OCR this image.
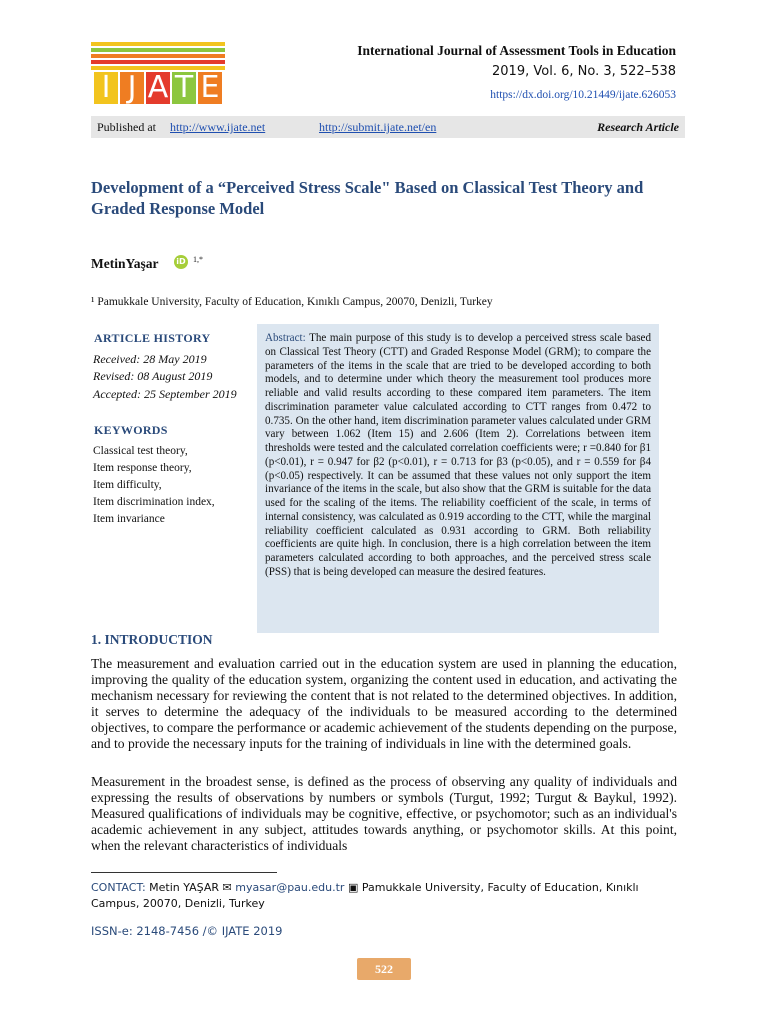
I J A T E
International Journal of Assessment Tools in Education
2019, Vol. 6, No. 3, 522–538
https://dx.doi.org/10.21449/ijate.626053
Published at http://www.ijate.net	http://submit.ijate.net/en	Research Article
Development of a “Perceived Stress Scale" Based on Classical Test Theory and Graded Response Model
MetinYaşar iD 1,*
¹ Pamukkale University, Faculty of Education, Kınıklı Campus, 20070, Denizli, Turkey
ARTICLE HISTORY
Received: 28 May 2019
Revised: 08 August 2019
Accepted: 25 September 2019
KEYWORDS
Classical test theory,
Item response theory,
Item difficulty,
Item discrimination index,
Item invariance
Abstract: The main purpose of this study is to develop a perceived stress scale based on Classical Test Theory (CTT) and Graded Response Model (GRM); to compare the parameters of the items in the scale that are tried to be developed according to both models, and to determine under which theory the measurement tool produces more reliable and valid results according to these compared item parameters. The item discrimination parameter value calculated according to CTT ranges from 0.472 to 0.735. On the other hand, item discrimination parameter values calculated under GRM vary between 1.062 (Item 15) and 2.606 (Item 2). Correlations between item thresholds were tested and the calculated correlation coefficients were; r =0.840 for β1 (p<0.01), r = 0.947 for β2 (p<0.01), r = 0.713 for β3 (p<0.05), and r = 0.559 for β4 (p<0.05) respectively. It can be assumed that these values not only support the item invariance of the items in the scale, but also show that the GRM is suitable for the data used for the scaling of the items. The reliability coefficient of the scale, in terms of internal consistency, was calculated as 0.919 according to the CTT, while the marginal reliability coefficient calculated as 0.931 according to GRM. Both reliability coefficients are quite high. In conclusion, there is a high correlation between the item parameters calculated according to both approaches, and the perceived stress scale (PSS) that is being developed can measure the desired features.
1. INTRODUCTION
The measurement and evaluation carried out in the education system are used in planning the education, improving the quality of the education system, organizing the content used in education, and activating the mechanism necessary for reviewing the content that is not related to the determined objectives. In addition, it serves to determine the adequacy of the individuals to be measured according to the determined objectives, to compare the performance or academic achievement of the students depending on the purpose, and to provide the necessary inputs for the training of individuals in line with the determined goals.
Measurement in the broadest sense, is defined as the process of observing any quality of individuals and expressing the results of observations by numbers or symbols (Turgut, 1992; Turgut & Baykul, 1992). Measured qualifications of individuals may be cognitive, effective, or psychomotor; such as an individual's academic achievement in any subject, attitudes towards anything, or psychomotor skills. At this point, when the relevant characteristics of individuals
CONTACT: Metin YAŞAR ✉ myasar@pau.edu.tr ▣ Pamukkale University, Faculty of Education, Kınıklı Campus, 20070, Denizli, Turkey
ISSN-e: 2148-7456 /© IJATE 2019
522
